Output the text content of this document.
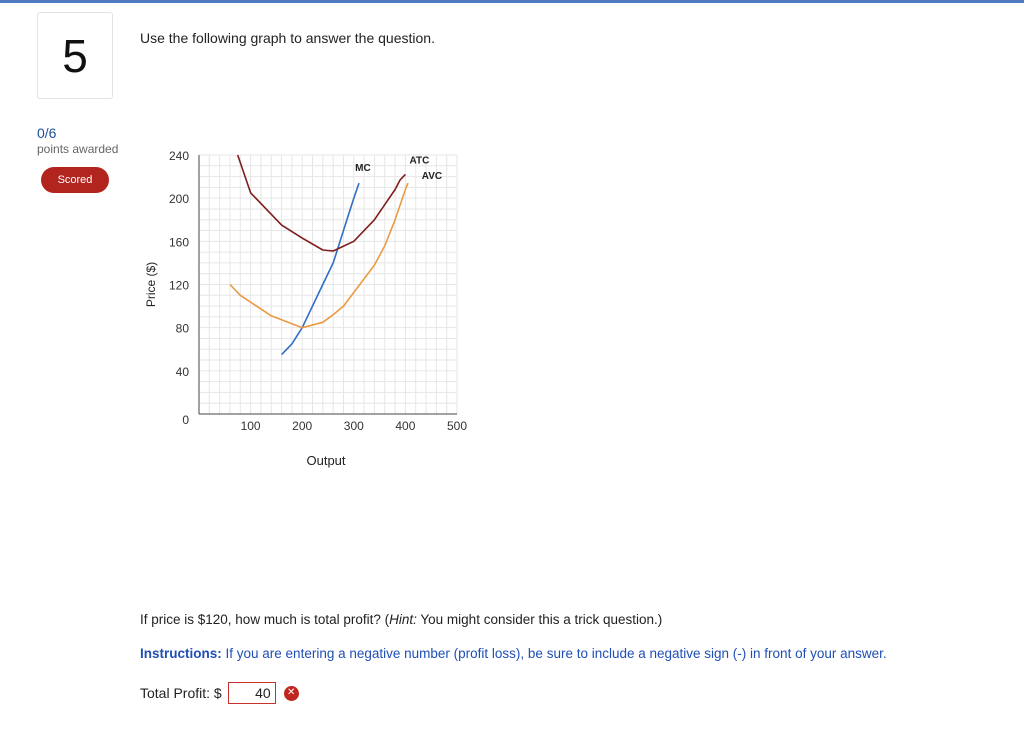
5
0/6
points awarded
Scored
Use the following graph to answer the question.
100	200	300	400	500
0
40
80
120
160
200
240
Output
Price ($)
MC
ATC
AVC
If price is $120, how much is total profit? (Hint: You might consider this a trick question.)
Instructions: If you are entering a negative number (profit loss), be sure to include a negative sign (-) in front of your answer.
Total Profit: $
40	✕
